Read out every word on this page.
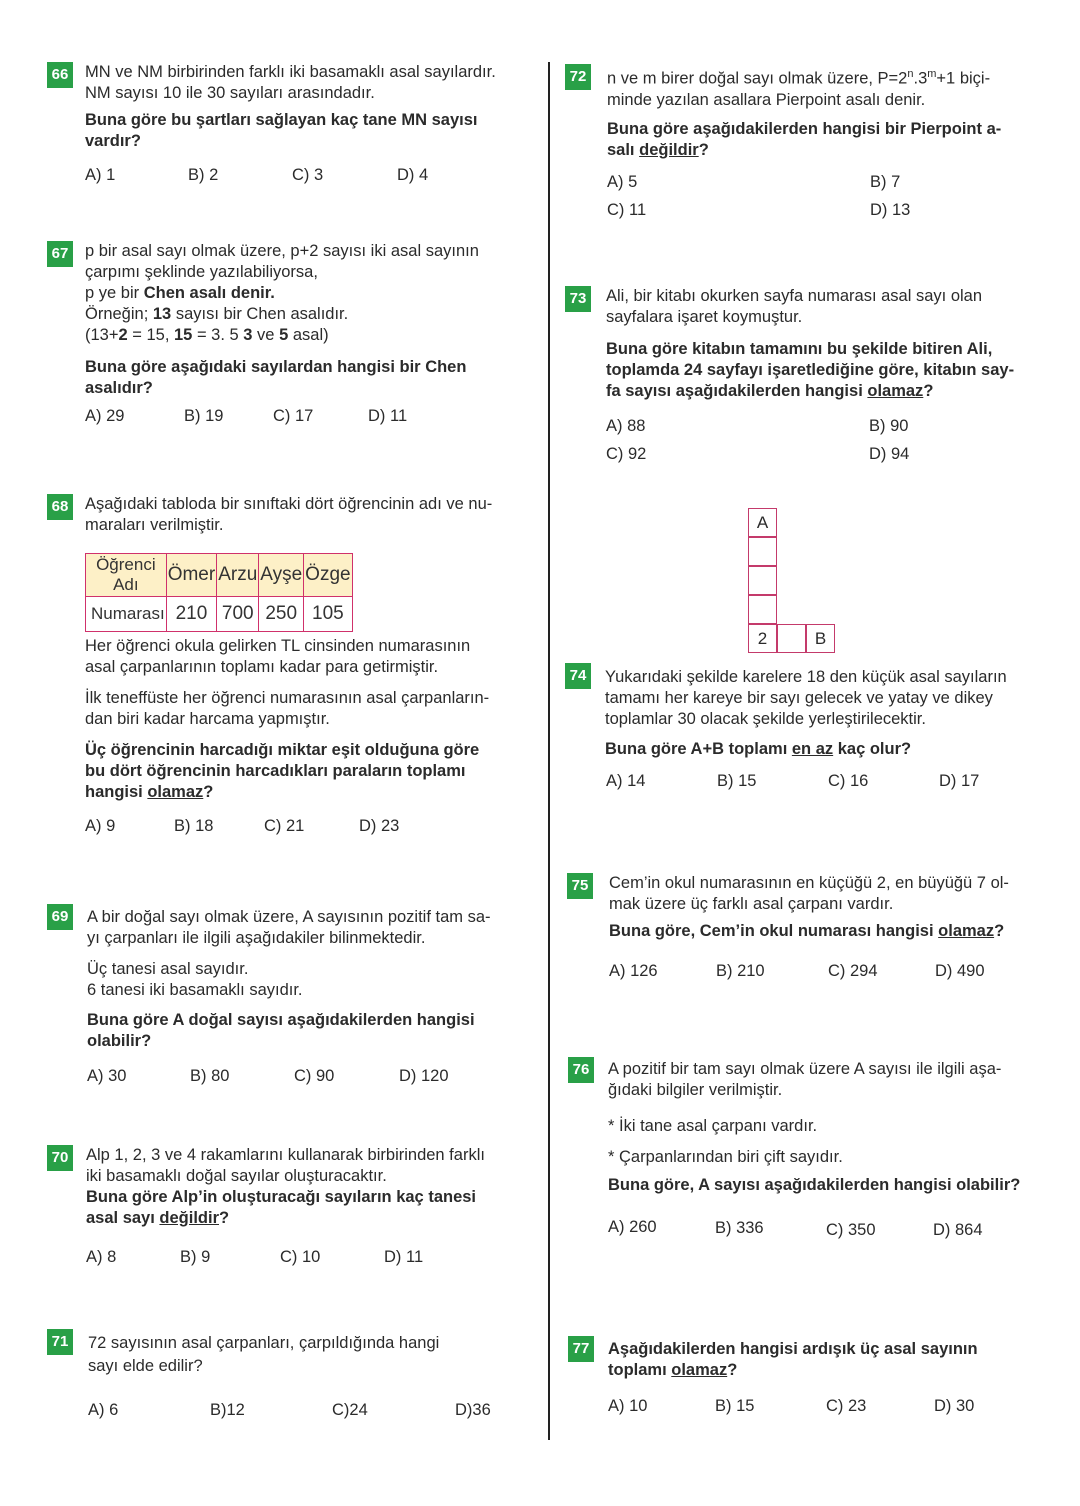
66 MN ve NM birbirinden farklı iki basamaklı asal sayılardır.
NM sayısı 10 ile 30 sayıları arasındadır.
Buna göre bu şartları sağlayan kaç tane MN sayısı
vardır?
A) 1	B) 2	C) 3	D) 4
67 p bir asal sayı olmak üzere, p+2 sayısı iki asal sayının
çarpımı şeklinde yazılabiliyorsa,
p ye bir Chen asalı denir.
Örneğin; 13 sayısı bir Chen asalıdır.
(13+2 = 15, 15 = 3. 5 3 ve 5 asal)
Buna göre aşağıdaki sayılardan hangisi bir Chen
asalıdır?
A) 29	B) 19	C) 17	D) 11
68 Aşağıdaki tabloda bir sınıftaki dört öğrencinin adı ve nu-
maraları verilmiştir.
Öğrenci Adı	Ömer	Arzu	Ayşe	Özge
Numarası	210	700	250	105
Her öğrenci okula gelirken TL cinsinden numarasının
asal çarpanlarının toplamı kadar para getirmiştir.
İlk teneffüste her öğrenci numarasının asal çarpanların-
dan biri kadar harcama yapmıştır.
Üç öğrencinin harcadığı miktar eşit olduğuna göre
bu dört öğrencinin harcadıkları paraların toplamı
hangisi olamaz?
A) 9	B) 18	C) 21	D) 23
69 A bir doğal sayı olmak üzere, A sayısının pozitif tam sa-
yı çarpanları ile ilgili aşağıdakiler bilinmektedir.
Üç tanesi asal sayıdır.
6 tanesi iki basamaklı sayıdır.
Buna göre A doğal sayısı aşağıdakilerden hangisi
olabilir?
A) 30	B) 80	C) 90	D) 120
70 Alp 1, 2, 3 ve 4 rakamlarını kullanarak birbirinden farklı
iki basamaklı doğal sayılar oluşturacaktır.
Buna göre Alp’in oluşturacağı sayıların kaç tanesi
asal sayı değildir?
A) 8	B) 9	C) 10	D) 11
71 72 sayısının asal çarpanları, çarpıldığında hangi
sayı elde edilir?
A) 6	B)12	C)24	D)36
72 n ve m birer doğal sayı olmak üzere, $P=2^n.3^m+1$ biçi-
minde yazılan asallara Pierpoint asalı denir.
Buna göre aşağıdakilerden hangisi bir Pierpoint a-
salı değildir?
A) 5	B) 7
C) 11	D) 13
73 Ali, bir kitabı okurken sayfa numarası asal sayı olan
sayfalara işaret koymuştur.
Buna göre kitabın tamamını bu şekilde bitiren Ali,
toplamda 24 sayfayı işaretlediğine göre, kitabın say-
fa sayısı aşağıdakilerden hangisi olamaz?
A) 88	B) 90
C) 92	D) 94
A
2	B
74 Yukarıdaki şekilde karelere 18 den küçük asal sayıların
tamamı her kareye bir sayı gelecek ve yatay ve dikey
toplamlar 30 olacak şekilde yerleştirilecektir.
Buna göre A+B toplamı en az kaç olur?
A) 14	B) 15	C) 16	D) 17
75 Cem’in okul numarasının en küçüğü 2, en büyüğü 7 ol-
mak üzere üç farklı asal çarpanı vardır.
Buna göre, Cem’in okul numarası hangisi olamaz?
A) 126	B) 210	C) 294	D) 490
76 A pozitif bir tam sayı olmak üzere A sayısı ile ilgili aşa-
ğıdaki bilgiler verilmiştir.
* İki tane asal çarpanı vardır.
* Çarpanlarından biri çift sayıdır.
Buna göre, A sayısı aşağıdakilerden hangisi olabilir?
A) 260	B) 336	C) 350	D) 864
77 Aşağıdakilerden hangisi ardışık üç asal sayının
toplamı olamaz?
A) 10	B) 15	C) 23	D) 30
